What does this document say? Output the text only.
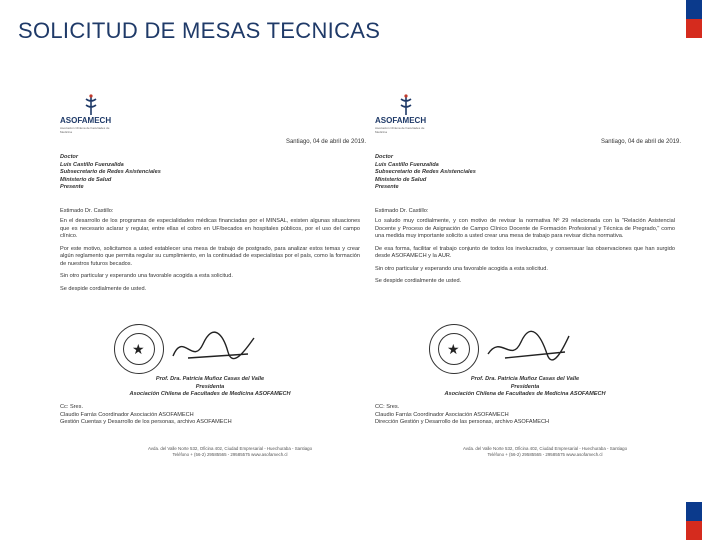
SOLICITUD DE MESAS TECNICAS
ASOFAMECH
Asociación Chilena de Facultades de Medicina
Santiago, 04 de abril de 2019.
Doctor
Luis Castillo Fuenzalida
Subsecretario de Redes Asistenciales
Ministerio de Salud
Presente
Estimado Dr. Castillo:

En el desarrollo de los programas de especialidades médicas financiadas por el MINSAL, existen algunas situaciones que es necesario aclarar y regular, entre ellas el cobro en UF/becados en hospitales públicos, por el uso del campo clínico.

Por este motivo, solicitamos a usted establecer una mesa de trabajo de postgrado, para analizar estos temas y crear algún reglamento que permita regular su cumplimiento, en la continuidad de especialistas por el país, como la formación de nuestros futuros becados.

Sin otro particular y esperando una favorable acogida a esta solicitud.

Se despide cordialmente de usted.

★
Prof. Dra. Patricia Muñoz Casas del Valle
Presidenta
Asociación Chilena de Facultades de Medicina ASOFAMECH
Cc: Sres.
Claudio Farrás Coordinador Asociación ASOFAMECH
Gestión Cuentas y Desarrollo de los personas, archivo ASOFAMECH
Avda. del Valle Norte 532, Oficina 402, Ciudad Empresarial - Huechuraba - Santiago
Teléfono + (56-2) 29585565 - 29585575 www.asofamech.cl
ASOFAMECH
Asociación Chilena de Facultades de Medicina
Santiago, 04 de abril de 2019.
Doctor
Luis Castillo Fuenzalida
Subsecretario de Redes Asistenciales
Ministerio de Salud
Presente
Estimado Dr. Castillo:

Lo saludo muy cordialmente, y con motivo de revisar la normativa Nº 29 relacionada con la "Relación Asistencial Docente y Proceso de Asignación de Campo Clínico Docente de Formación Profesional y Técnica de Pregrado," como una medida muy importante solicito a usted crear una mesa de trabajo para revisar dicha normativa.

De esa forma, facilitar el trabajo conjunto de todos los involucrados, y consensuar las observaciones que han surgido desde ASOFAMECH y la AUR.

Sin otro particular y esperando una favorable acogida a esta solicitud.

Se despide cordialmente de usted.

★
Prof. Dra. Patricia Muñoz Casas del Valle
Presidenta
Asociación Chilena de Facultades de Medicina ASOFAMECH
CC: Sres.
Claudio Farrás Coordinador Asociación ASOFAMECH
Dirección Gestión y Desarrollo de las personas, archivo ASOFAMECH
Avda. del Valle Norte 532, Oficina 402, Ciudad Empresarial - Huechuraba - Santiago
Teléfono + (56-2) 29585565 - 29585575 www.asofamech.cl
